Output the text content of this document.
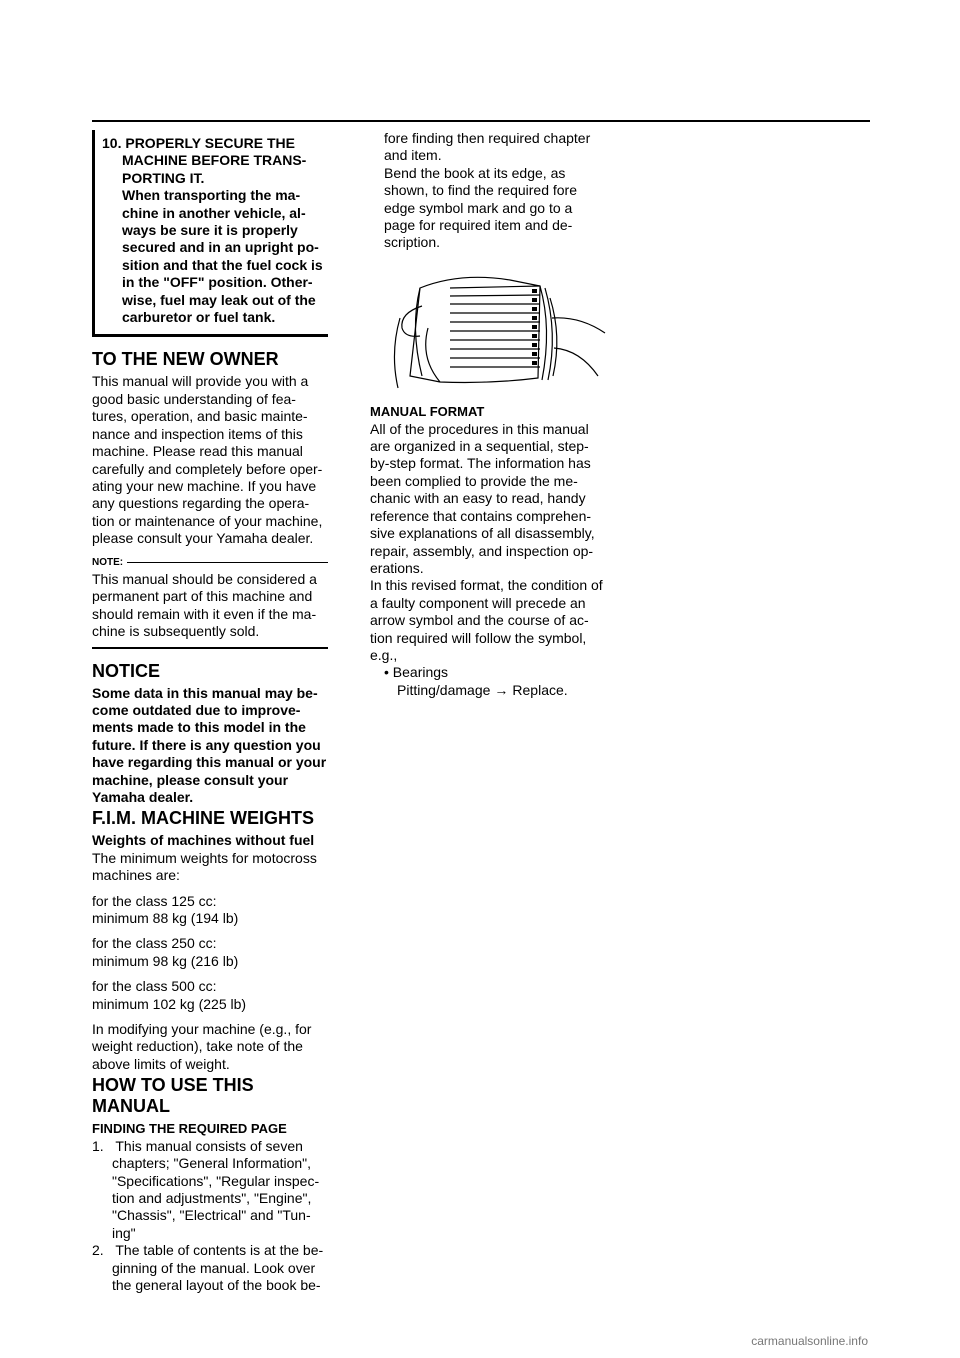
10. PROPERLY SECURE THE
MACHINE BEFORE TRANS-
PORTING IT.
When transporting the ma-
chine in another vehicle, al-
ways be sure it is properly
secured and in an upright po-
sition and that the fuel cock is
in the "OFF" position. Other-
wise, fuel may leak out of the
carburetor or fuel tank.
TO THE NEW OWNER
This manual will provide you with a
good basic understanding of fea-
tures, operation, and basic mainte-
nance and inspection items of this
machine. Please read this manual
carefully and completely before oper-
ating your new machine. If you have
any questions regarding the opera-
tion or maintenance of your machine,
please consult your Yamaha dealer.
NOTE:
This manual should be considered a
permanent part of this machine and
should remain with it even if the ma-
chine is subsequently sold.
NOTICE
Some data in this manual may be-
come outdated due to improve-
ments made to this model in the
future. If there is any question you
have regarding this manual or your
machine, please consult your
Yamaha dealer.
F.I.M. MACHINE WEIGHTS
Weights of machines without fuel
The minimum weights for motocross
machines are:
for the class 125 cc:
minimum 88 kg (194 lb)
for the class 250 cc:
minimum 98 kg (216 lb)
for the class 500 cc:
minimum 102 kg (225 lb)
In modifying your machine (e.g., for
weight reduction), take note of the
above limits of weight.
HOW TO USE THIS MANUAL
FINDING THE REQUIRED PAGE
1. This manual consists of seven
chapters; "General Information",
"Specifications", "Regular inspec-
tion and adjustments", "Engine",
"Chassis", "Electrical" and "Tun-
ing"
2. The table of contents is at the be-
ginning of the manual. Look over
the general layout of the book be-
fore finding then required chapter
and item.
Bend the book at its edge, as
shown, to find the required fore
edge symbol mark and go to a
page for required item and de-
scription.
MANUAL FORMAT
All of the procedures in this manual
are organized in a sequential, step-
by-step format. The information has
been complied to provide the me-
chanic with an easy to read, handy
reference that contains comprehen-
sive explanations of all disassembly,
repair, assembly, and inspection op-
erations.
In this revised format, the condition of
a faulty component will precede an
arrow symbol and the course of ac-
tion required will follow the symbol,
e.g.,
• Bearings
Pitting/damage → Replace.
carmanualsonline.info
